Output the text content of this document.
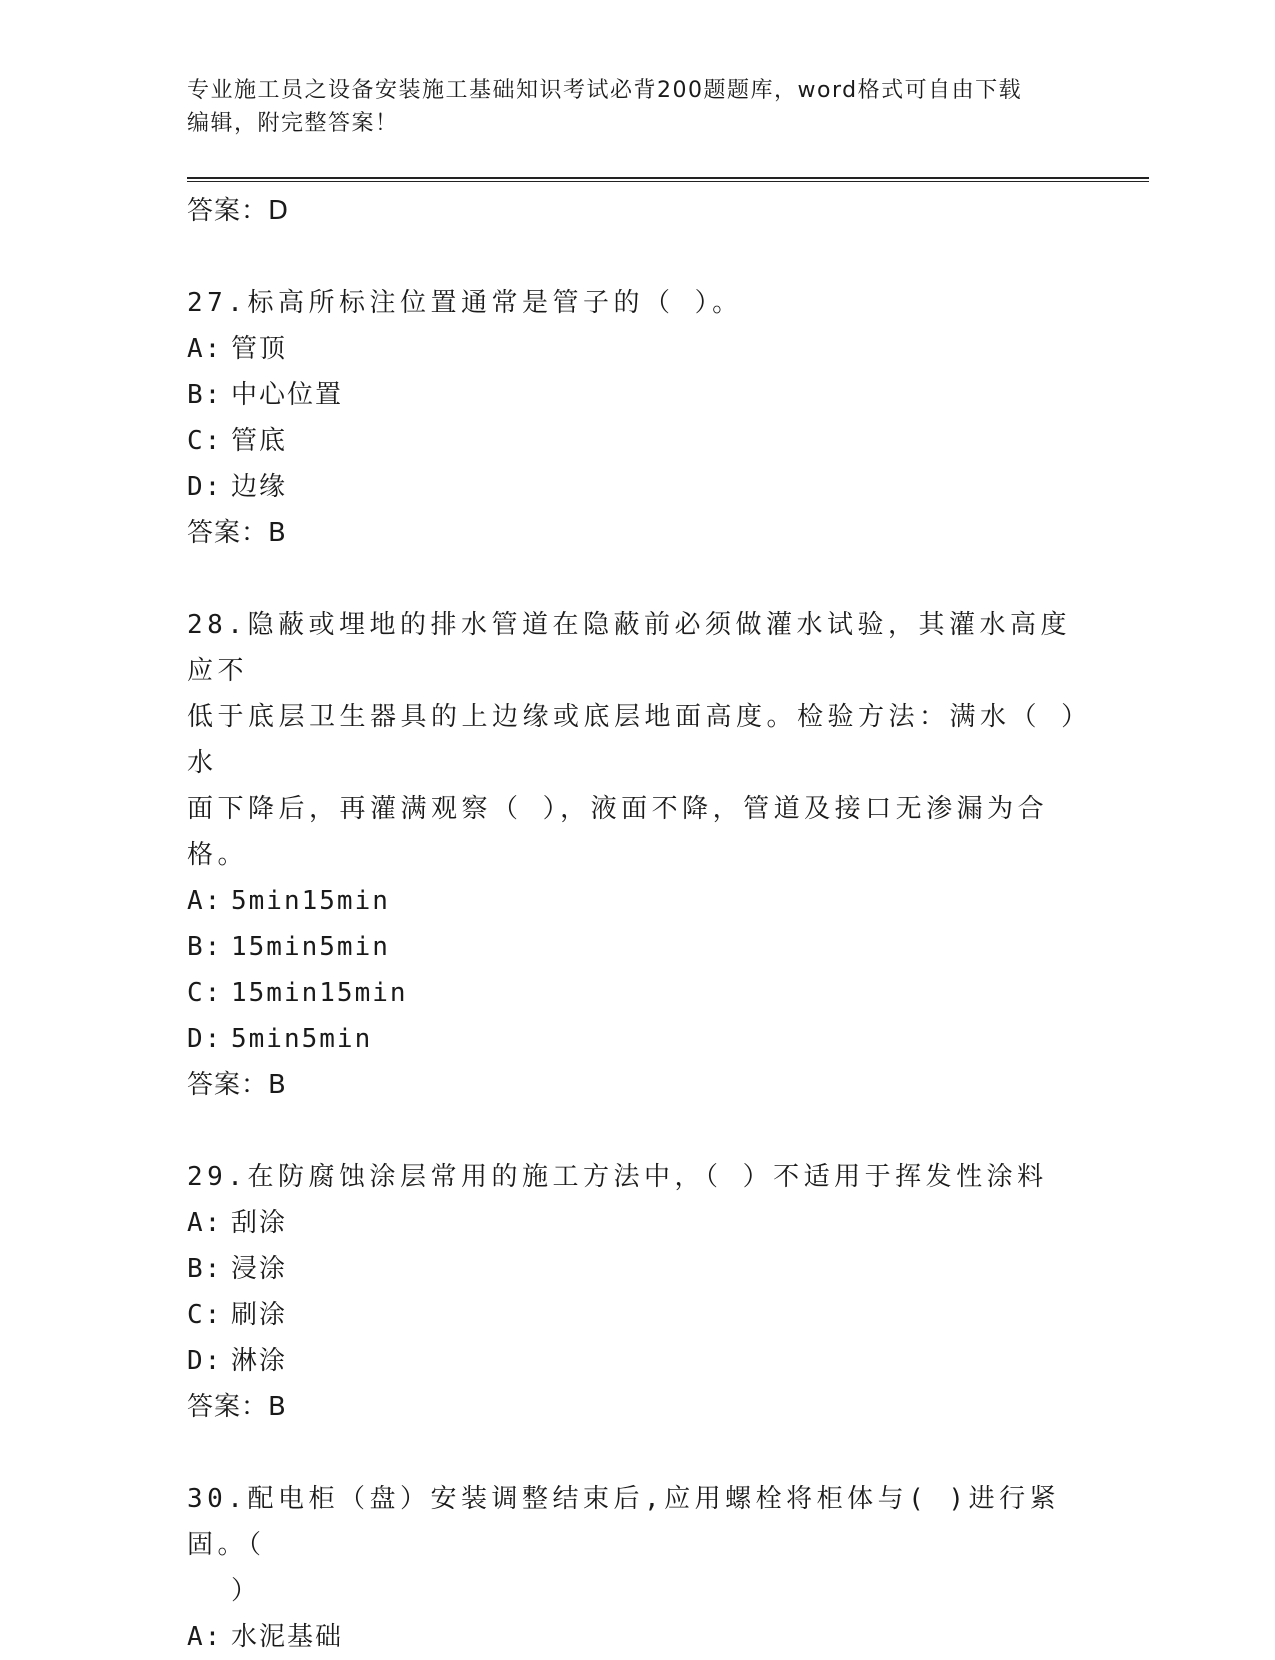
专业施工员之设备安装施工基础知识考试必背200题题库，word格式可自由下载
编辑，附完整答案！
答案：D
27.标高所标注位置通常是管子的（ ）。
A: 管顶
B: 中心位置
C: 管底
D: 边缘
答案：B
28.隐蔽或埋地的排水管道在隐蔽前必须做灌水试验，其灌水高度应不
低于底层卫生器具的上边缘或底层地面高度。检验方法：满水（ ）水
面下降后，再灌满观察（ ），液面不降，管道及接口无渗漏为合格。
A: 5min15min
B: 15min5min
C: 15min15min
D: 5min5min
答案：B
29.在防腐蚀涂层常用的施工方法中，（ ）不适用于挥发性涂料
A: 刮涂
B: 浸涂
C: 刷涂
D: 淋涂
答案：B
30.配电柜（盘）安装调整结束后,应用螺栓将柜体与( )进行紧固。（
）
A: 水泥基础
